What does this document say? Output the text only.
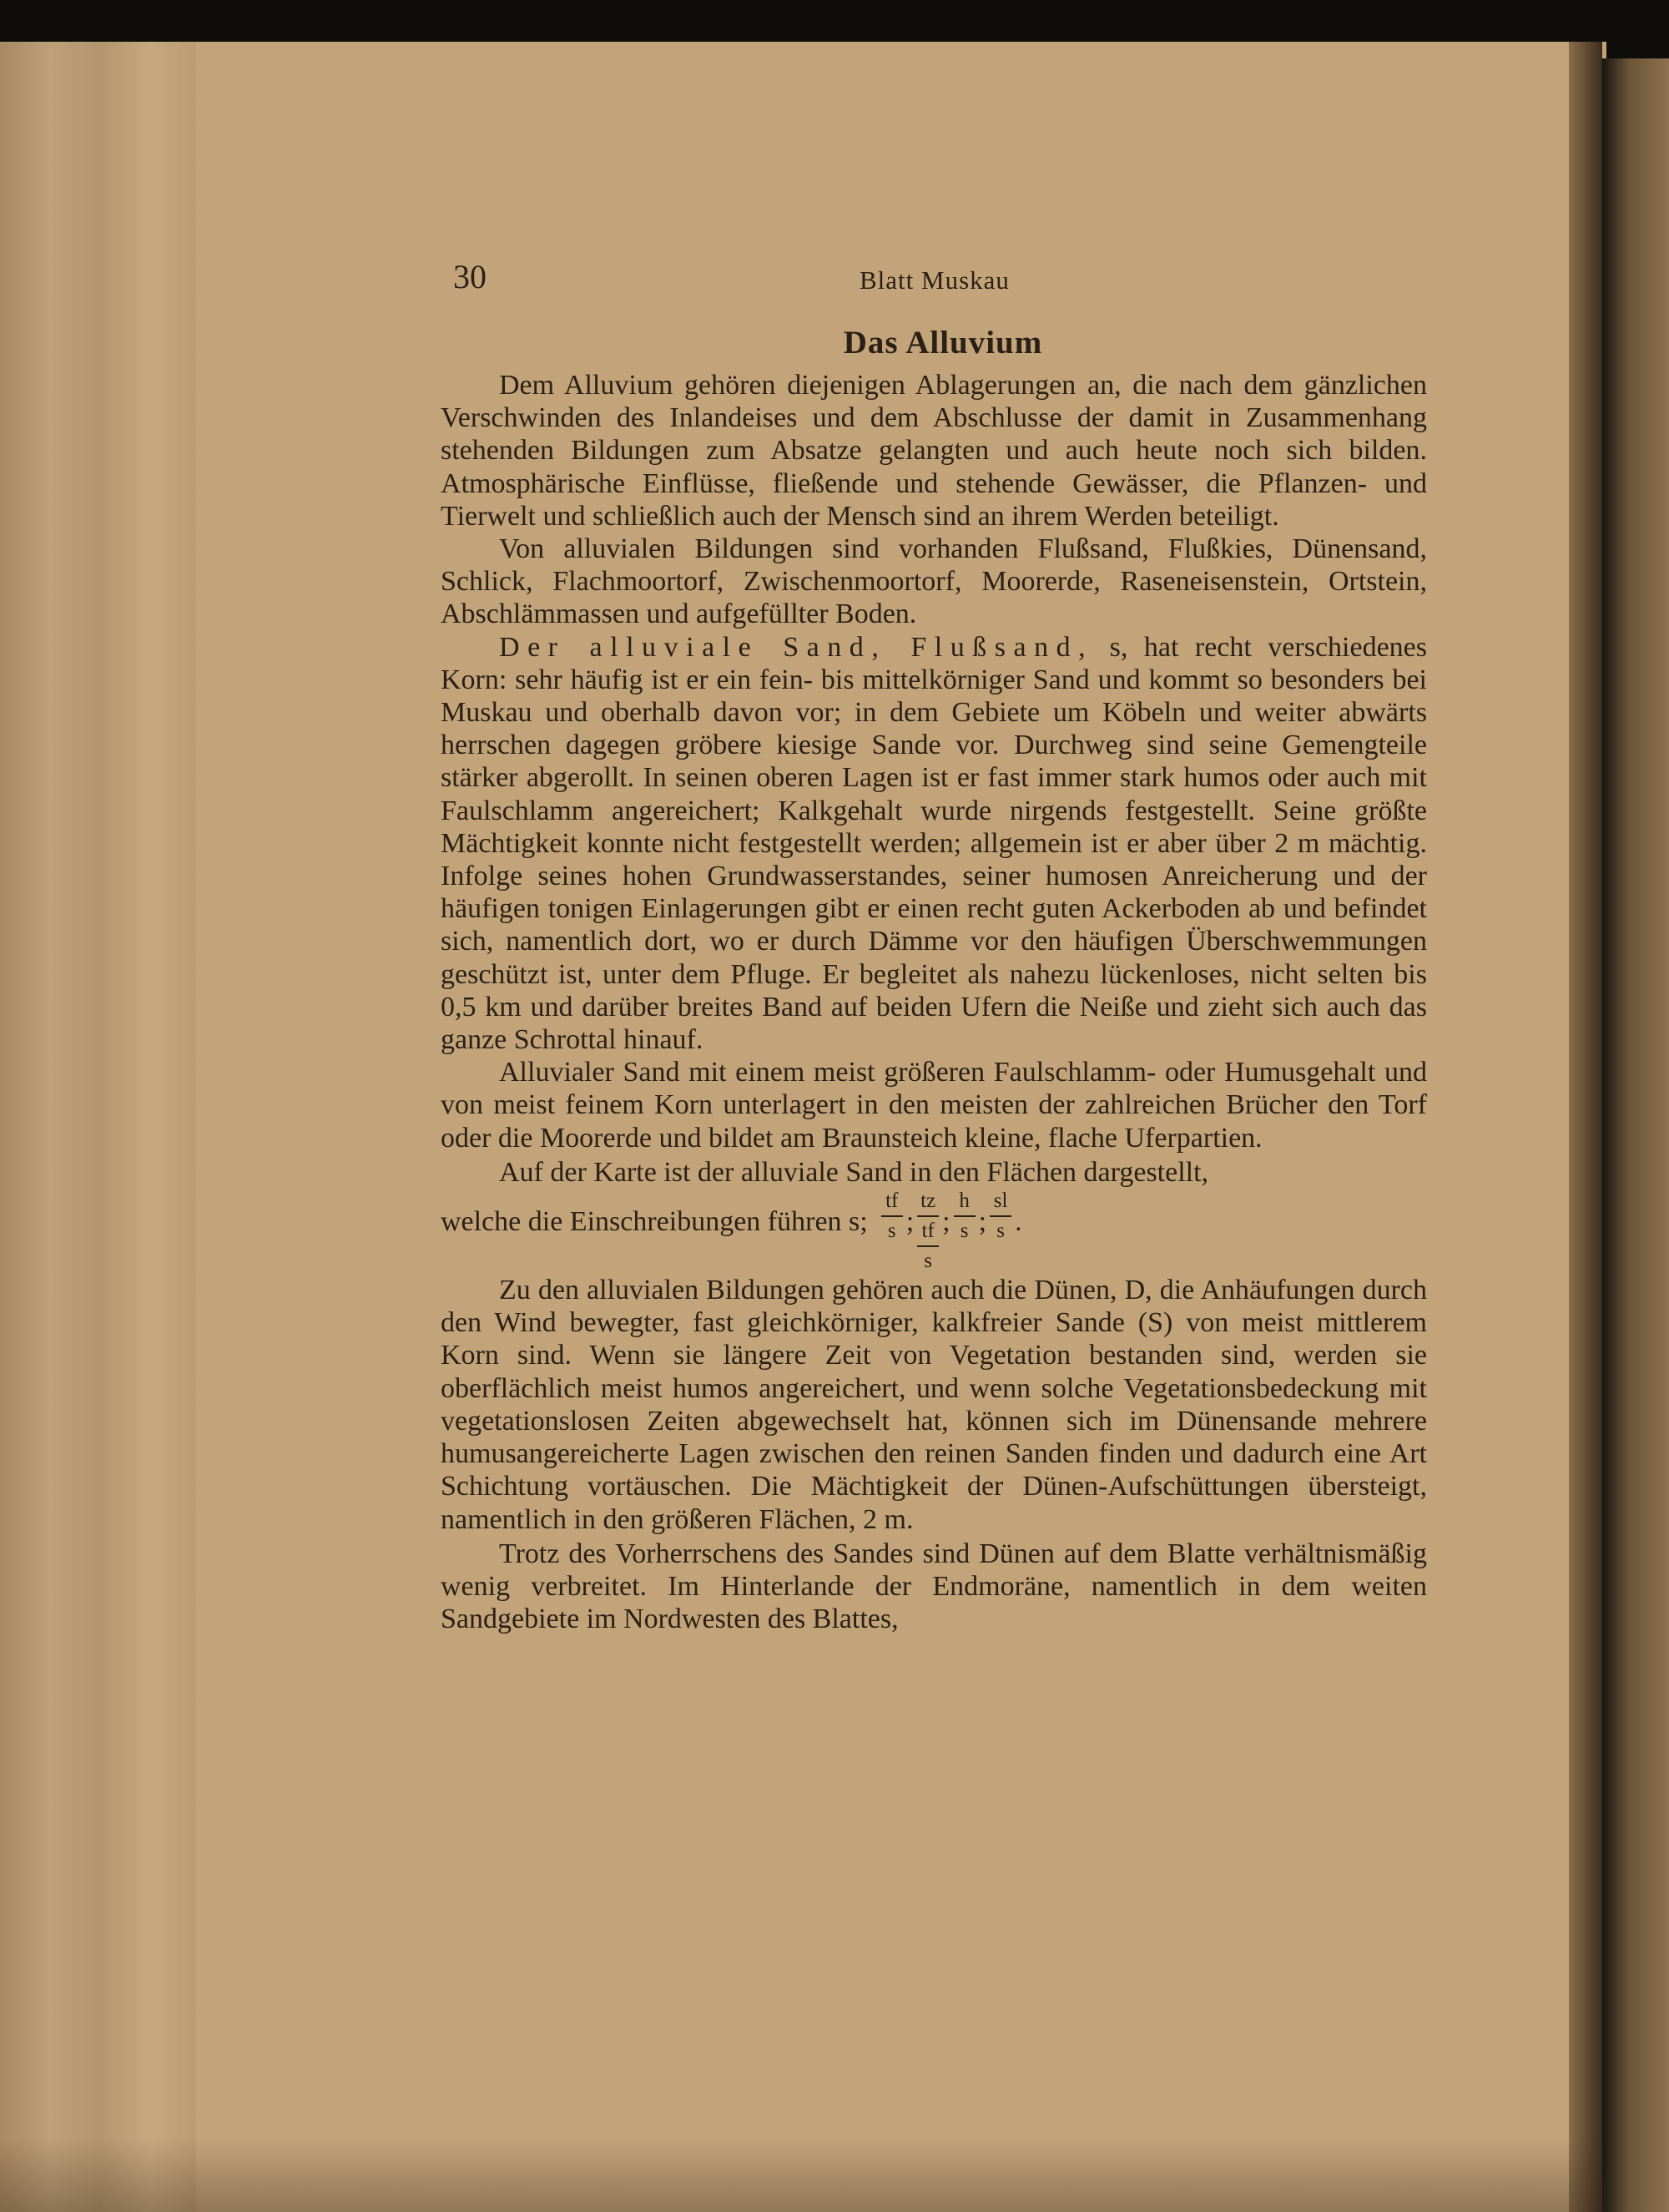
30	Blatt Muskau
Das Alluvium

Dem Alluvium gehören diejenigen Ablagerungen an, die nach dem gänzlichen Verschwinden des Inlandeises und dem Abschlusse der damit in Zusammenhang stehenden Bildungen zum Absatze gelangten und auch heute noch sich bilden. Atmosphärische Einflüsse, fließende und stehende Gewässer, die Pflanzen- und Tierwelt und schließlich auch der Mensch sind an ihrem Werden beteiligt.

Von alluvialen Bildungen sind vorhanden Flußsand, Flußkies, Dünensand, Schlick, Flachmoortorf, Zwischenmoortorf, Moorerde, Raseneisenstein, Ortstein, Abschlämmassen und aufgefüllter Boden.

Der alluviale Sand, Flußsand, s, hat recht verschiedenes Korn: sehr häufig ist er ein fein- bis mittelkörniger Sand und kommt so besonders bei Muskau und oberhalb davon vor; in dem Gebiete um Köbeln und weiter abwärts herrschen dagegen gröbere kiesige Sande vor. Durchweg sind seine Gemengteile stärker abgerollt. In seinen oberen Lagen ist er fast immer stark humos oder auch mit Faulschlamm angereichert; Kalkgehalt wurde nirgends festgestellt. Seine größte Mächtigkeit konnte nicht festgestellt werden; allgemein ist er aber über 2 m mächtig. Infolge seines hohen Grundwasserstandes, seiner humosen Anreicherung und der häufigen tonigen Einlagerungen gibt er einen recht guten Ackerboden ab und befindet sich, namentlich dort, wo er durch Dämme vor den häufigen Überschwemmungen geschützt ist, unter dem Pfluge. Er begleitet als nahezu lückenloses, nicht selten bis 0,5 km und darüber breites Band auf beiden Ufern die Neiße und zieht sich auch das ganze Schrottal hinauf.

Alluvialer Sand mit einem meist größeren Faulschlamm- oder Humusgehalt und von meist feinem Korn unterlagert in den meisten der zahlreichen Brücher den Torf oder die Moorerde und bildet am Braunsteich kleine, flache Uferpartien.

Auf der Karte ist der alluviale Sand in den Flächen dargestellt,

welche die Einschreibungen führen s; $\frac{tf}{s}$ ;
tz
tf
s
; $\frac{h}{s}$ ; $\frac{sl}{s}$ .

Zu den alluvialen Bildungen gehören auch die Dünen, D, die Anhäufungen durch den Wind bewegter, fast gleichkörniger, kalkfreier Sande (S) von meist mittlerem Korn sind. Wenn sie längere Zeit von Vegetation bestanden sind, werden sie oberflächlich meist humos angereichert, und wenn solche Vegetationsbedeckung mit vegetationslosen Zeiten abgewechselt hat, können sich im Dünensande mehrere humusangereicherte Lagen zwischen den reinen Sanden finden und dadurch eine Art Schichtung vortäuschen. Die Mächtigkeit der Dünen-Aufschüttungen übersteigt, namentlich in den größeren Flächen, 2 m.

Trotz des Vorherrschens des Sandes sind Dünen auf dem Blatte verhältnismäßig wenig verbreitet. Im Hinterlande der Endmoräne, namentlich in dem weiten Sandgebiete im Nordwesten des Blattes,
